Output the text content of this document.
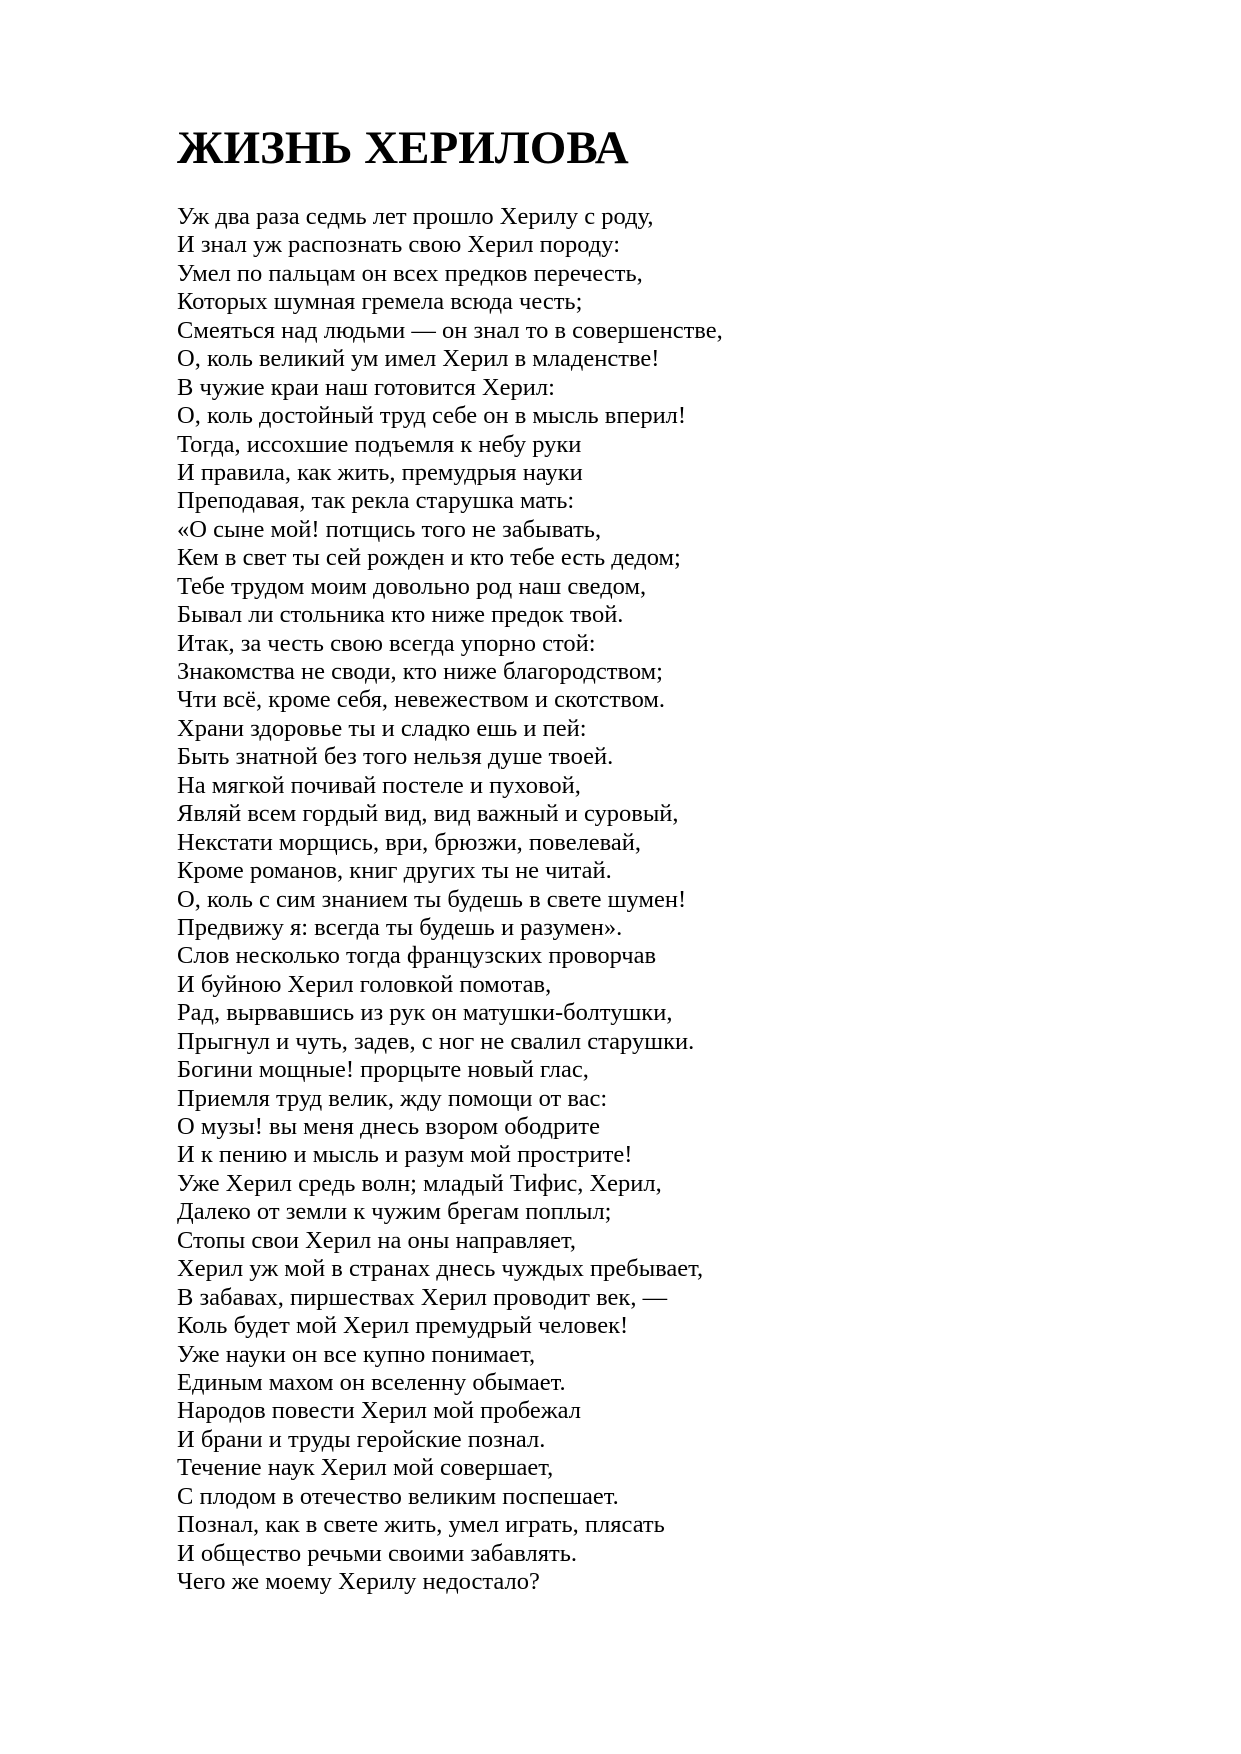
ЖИЗНЬ ХЕРИЛОВА
Уж два раза седмь лет прошло Херилу с роду,
И знал уж распознать свою Херил породу:
Умел по пальцам он всех предков перечесть,
Которых шумная гремела всюда честь;
Смеяться над людьми — он знал то в совершенстве,
О, коль великий ум имел Херил в младенстве!
В чужие краи наш готовится Херил:
О, коль достойный труд себе он в мысль вперил!
Тогда, иссохшие подъемля к небу руки
И правила, как жить, премудрыя науки
Преподавая, так рекла старушка мать:
«О сыне мой! потщись того не забывать,
Кем в свет ты сей рожден и кто тебе есть дедом;
Тебе трудом моим довольно род наш сведом,
Бывал ли стольника кто ниже предок твой.
Итак, за честь свою всегда упорно стой:
Знакомства не своди, кто ниже благородством;
Чти всё, кроме себя, невежеством и скотством.
Храни здоровье ты и сладко ешь и пей:
Быть знатной без того нельзя душе твоей.
На мягкой почивай постеле и пуховой,
Являй всем гордый вид, вид важный и суровый,
Некстати морщись, ври, брюзжи, повелевай,
Кроме романов, книг других ты не читай.
О, коль с сим знанием ты будешь в свете шумен!
Предвижу я: всегда ты будешь и разумен».
Слов несколько тогда французских проворчав
И буйною Херил головкой помотав,
Рад, вырвавшись из рук он матушки-болтушки,
Прыгнул и чуть, задев, с ног не свалил старушки.
Богини мощные! прорцыте новый глас,
Приемля труд велик, жду помощи от вас:
О музы! вы меня днесь взором ободрите
И к пению и мысль и разум мой прострите!
Уже Херил средь волн; младый Тифис, Херил,
Далеко от земли к чужим брегам поплыл;
Стопы свои Херил на оны направляет,
Херил уж мой в странах днесь чуждых пребывает,
В забавах, пиршествах Херил проводит век, —
Коль будет мой Херил премудрый человек!
Уже науки он все купно понимает,
Единым махом он вселенну обымает.
Народов повести Херил мой пробежал
И брани и труды геройские познал.
Течение наук Херил мой совершает,
С плодом в отечество великим поспешает.
Познал, как в свете жить, умел играть, плясать
И общество речьми своими забавлять.
Чего же моему Херилу недостало?
